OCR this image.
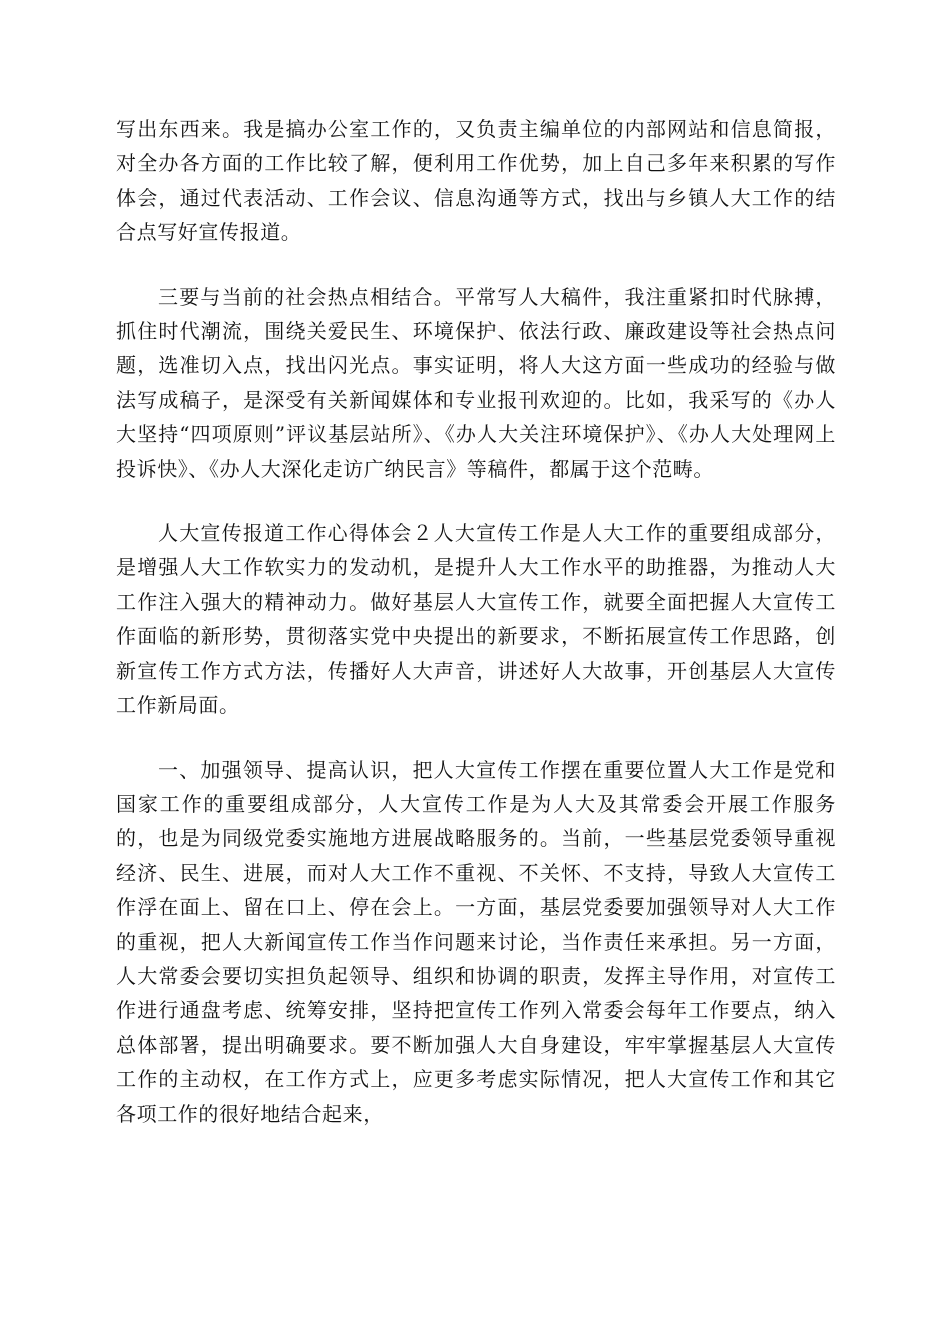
写出东西来。我是搞办公室工作的，又负责主编单位的内部网站和信息简报，对全办各方面的工作比较了解，便利用工作优势，加上自己多年来积累的写作体会，通过代表活动、工作会议、信息沟通等方式，找出与乡镇人大工作的结合点写好宣传报道。

三要与当前的社会热点相结合。平常写人大稿件，我注重紧扣时代脉搏，抓住时代潮流，围绕关爱民生、环境保护、依法行政、廉政建设等社会热点问题，选准切入点，找出闪光点。事实证明，将人大这方面一些成功的经验与做法写成稿子，是深受有关新闻媒体和专业报刊欢迎的。比如，我采写的《办人大坚持“四项原则”评议基层站所》、《办人大关注环境保护》、《办人大处理网上投诉快》、《办人大深化走访广纳民言》等稿件，都属于这个范畴。

人大宣传报道工作心得体会２人大宣传工作是人大工作的重要组成部分，是增强人大工作软实力的发动机，是提升人大工作水平的助推器，为推动人大工作注入强大的精神动力。做好基层人大宣传工作，就要全面把握人大宣传工作面临的新形势，贯彻落实党中央提出的新要求，不断拓展宣传工作思路，创新宣传工作方式方法，传播好人大声音，讲述好人大故事，开创基层人大宣传工作新局面。

一、加强领导、提高认识，把人大宣传工作摆在重要位置人大工作是党和国家工作的重要组成部分，人大宣传工作是为人大及其常委会开展工作服务的，也是为同级党委实施地方进展战略服务的。当前，一些基层党委领导重视经济、民生、进展，而对人大工作不重视、不关怀、不支持，导致人大宣传工作浮在面上、留在口上、停在会上。一方面，基层党委要加强领导对人大工作的重视，把人大新闻宣传工作当作问题来讨论，当作责任来承担。另一方面，人大常委会要切实担负起领导、组织和协调的职责，发挥主导作用，对宣传工作进行通盘考虑、统筹安排，坚持把宣传工作列入常委会每年工作要点，纳入总体部署，提出明确要求。要不断加强人大自身建设，牢牢掌握基层人大宣传工作的主动权，在工作方式上，应更多考虑实际情况，把人大宣传工作和其它各项工作的很好地结合起来，
